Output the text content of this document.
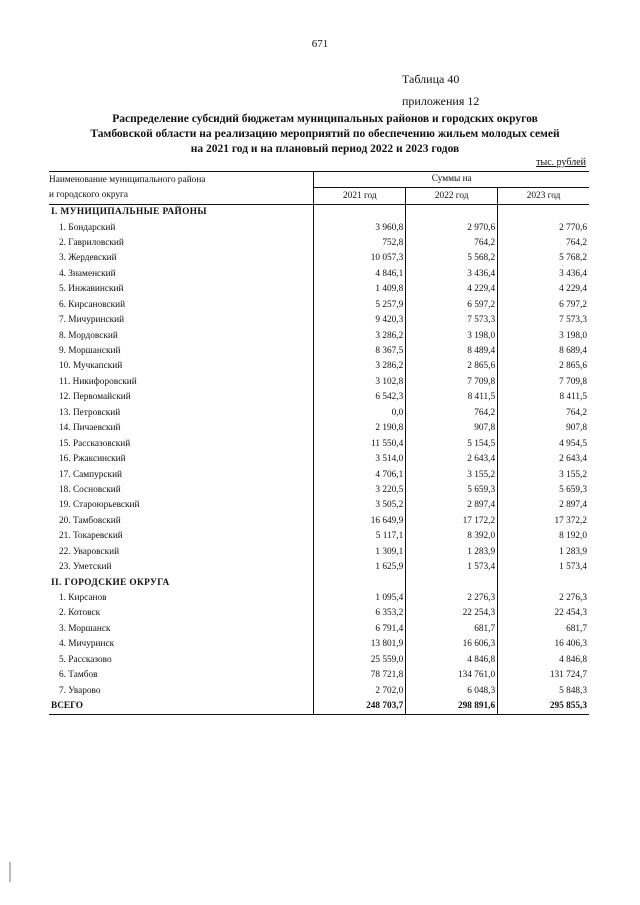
671
Таблица 40
приложения 12
Распределение субсидий бюджетам муниципальных районов и городских округов
Тамбовской области на реализацию мероприятий по обеспечению жильем молодых семей
на 2021 год и на плановый период 2022 и 2023 годов
тыс. рублей
Наименование муниципального района
и городского округа	Суммы на		
	2021 год	2022 год	2023 год
I. МУНИЦИПАЛЬНЫЕ РАЙОНЫ			
1. Бондарский	3 960,8	2 970,6	2 770,6
2. Гавриловский	752,8	764,2	764,2
3. Жердевский	10 057,3	5 568,2	5 768,2
4. Знаменский	4 846,1	3 436,4	3 436,4
5. Инжавинский	1 409,8	4 229,4	4 229,4
6. Кирсановский	5 257,9	6 597,2	6 797,2
7. Мичуринский	9 420,3	7 573,3	7 573,3
8. Мордовский	3 286,2	3 198,0	3 198,0
9. Моршанский	8 367,5	8 489,4	8 689,4
10. Мучкапский	3 286,2	2 865,6	2 865,6
11. Никифоровский	3 102,8	7 709,8	7 709,8
12. Первомайский	6 542,3	8 411,5	8 411,5
13. Петровский	0,0	764,2	764,2
14. Пичаевский	2 190,8	907,8	907,8
15. Рассказовский	11 550,4	5 154,5	4 954,5
16. Ржаксинский	3 514,0	2 643,4	2 643,4
17. Сампурский	4 706,1	3 155,2	3 155,2
18. Сосновский	3 220,5	5 659,3	5 659,3
19. Староюрьевский	3 505,2	2 897,4	2 897,4
20. Тамбовский	16 649,9	17 172,2	17 372,2
21. Токаревский	5 117,1	8 392,0	8 192,0
22. Уваровский	1 309,1	1 283,9	1 283,9
23. Уметский	1 625,9	1 573,4	1 573,4
II. ГОРОДСКИЕ ОКРУГА			
1. Кирсанов	1 095,4	2 276,3	2 276,3
2. Котовск	6 353,2	22 254,3	22 454,3
3. Моршанск	6 791,4	681,7	681,7
4. Мичуринск	13 801,9	16 606,3	16 406,3
5. Рассказово	25 559,0	4 846,8	4 846,8
6. Тамбов	78 721,8	134 761,0	131 724,7
7. Уварово	2 702,0	6 048,3	5 848,3
ВСЕГО	248 703,7	298 891,6	295 855,3
